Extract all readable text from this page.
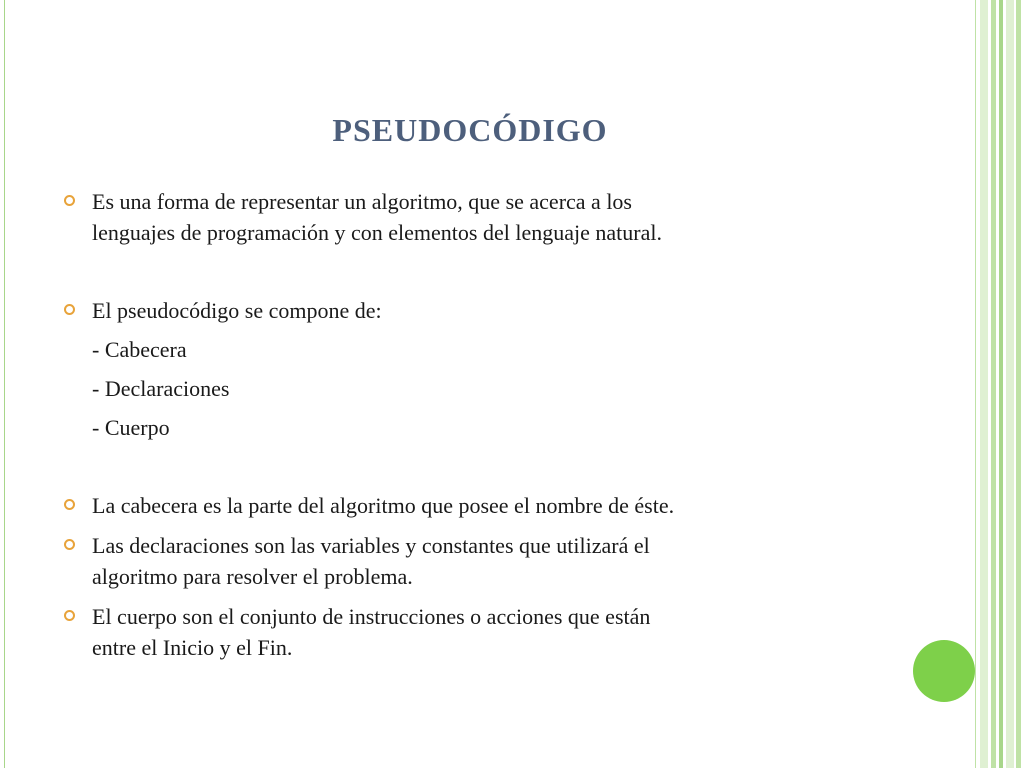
PSEUDOCÓDIGO
Es una forma de representar un algoritmo, que se acerca a los
lenguajes de programación y con elementos del lenguaje natural.
El pseudocódigo se compone de:
- Cabecera
- Declaraciones
- Cuerpo
La cabecera es la parte del algoritmo que posee el nombre de éste.
Las declaraciones son las variables y constantes que utilizará el
algoritmo para resolver el problema.
El cuerpo son el conjunto de instrucciones o acciones que están
entre el Inicio y el Fin.
